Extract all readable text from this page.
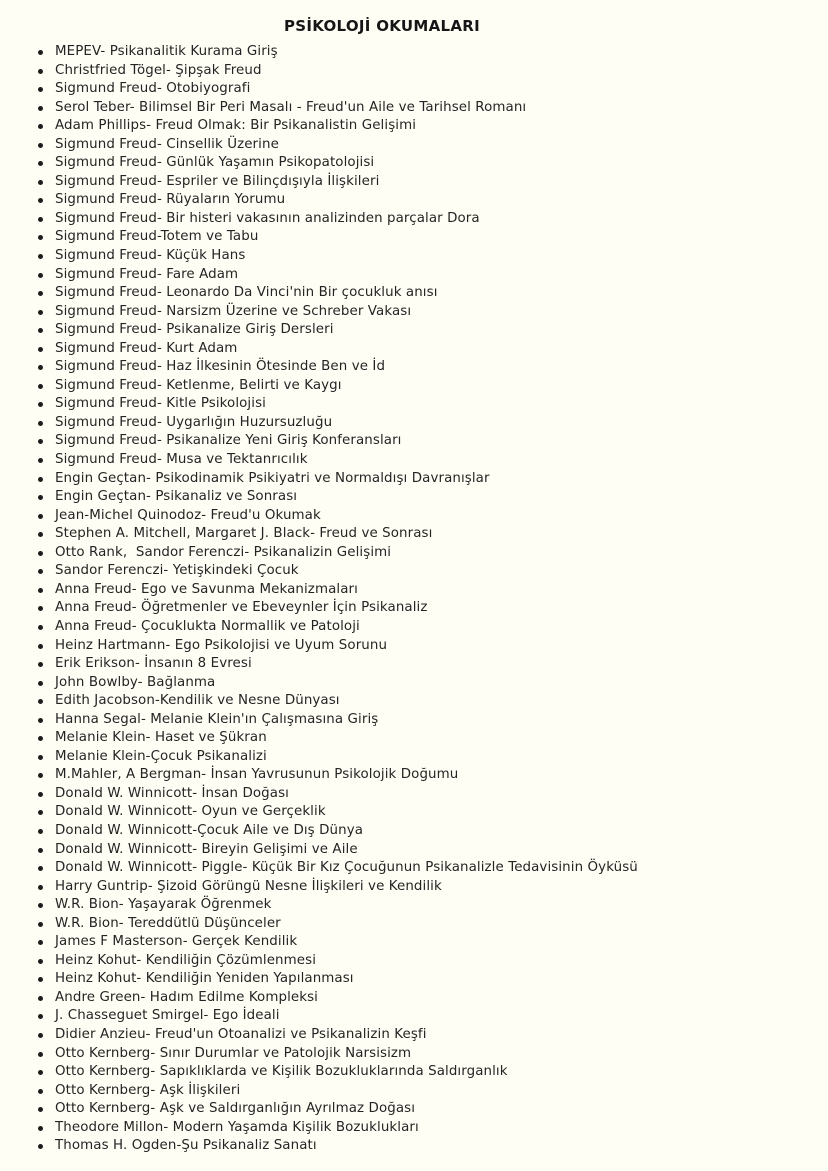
PSİKOLOJİ OKUMALARI
MEPEV- Psikanalitik Kurama Giriş
Christfried Tögel- Şipşak Freud
Sigmund Freud- Otobiyografi
Serol Teber- Bilimsel Bir Peri Masalı - Freud'un Aile ve Tarihsel Romanı
Adam Phillips- Freud Olmak: Bir Psikanalistin Gelişimi
Sigmund Freud- Cinsellik Üzerine
Sigmund Freud- Günlük Yaşamın Psikopatolojisi
Sigmund Freud- Espriler ve Bilinçdışıyla İlişkileri
Sigmund Freud- Rüyaların Yorumu
Sigmund Freud- Bir histeri vakasının analizinden parçalar Dora
Sigmund Freud-Totem ve Tabu
Sigmund Freud- Küçük Hans
Sigmund Freud- Fare Adam
Sigmund Freud- Leonardo Da Vinci'nin Bir çocukluk anısı
Sigmund Freud- Narsizm Üzerine ve Schreber Vakası
Sigmund Freud- Psikanalize Giriş Dersleri
Sigmund Freud- Kurt Adam
Sigmund Freud- Haz İlkesinin Ötesinde Ben ve İd
Sigmund Freud- Ketlenme, Belirti ve Kaygı
Sigmund Freud- Kitle Psikolojisi
Sigmund Freud- Uygarlığın Huzursuzluğu
Sigmund Freud- Psikanalize Yeni Giriş Konferansları
Sigmund Freud- Musa ve Tektanrıcılık
Engin Geçtan- Psikodinamik Psikiyatri ve Normaldışı Davranışlar
Engin Geçtan- Psikanaliz ve Sonrası
Jean-Michel Quinodoz- Freud'u Okumak
Stephen A. Mitchell, Margaret J. Black- Freud ve Sonrası
Otto Rank,  Sandor Ferenczi- Psikanalizin Gelişimi
Sandor Ferenczi- Yetişkindeki Çocuk
Anna Freud- Ego ve Savunma Mekanizmaları
Anna Freud- Öğretmenler ve Ebeveynler İçin Psikanaliz
Anna Freud- Çocuklukta Normallik ve Patoloji
Heinz Hartmann- Ego Psikolojisi ve Uyum Sorunu
Erik Erikson- İnsanın 8 Evresi
John Bowlby- Bağlanma
Edith Jacobson-Kendilik ve Nesne Dünyası
Hanna Segal- Melanie Klein'ın Çalışmasına Giriş
Melanie Klein- Haset ve Şükran
Melanie Klein-Çocuk Psikanalizi
M.Mahler, A Bergman- İnsan Yavrusunun Psikolojik Doğumu
Donald W. Winnicott- İnsan Doğası
Donald W. Winnicott- Oyun ve Gerçeklik
Donald W. Winnicott-Çocuk Aile ve Dış Dünya
Donald W. Winnicott- Bireyin Gelişimi ve Aile
Donald W. Winnicott- Piggle- Küçük Bir Kız Çocuğunun Psikanalizle Tedavisinin Öyküsü
Harry Guntrip- Şizoid Görüngü Nesne İlişkileri ve Kendilik
W.R. Bion- Yaşayarak Öğrenmek
W.R. Bion- Tereddütlü Düşünceler
James F Masterson- Gerçek Kendilik
Heinz Kohut- Kendiliğin Çözümlenmesi
Heinz Kohut- Kendiliğin Yeniden Yapılanması
Andre Green- Hadım Edilme Kompleksi
J. Chasseguet Smirgel- Ego İdeali
Didier Anzieu- Freud'un Otoanalizi ve Psikanalizin Keşfi
Otto Kernberg- Sınır Durumlar ve Patolojik Narsisizm
Otto Kernberg- Sapıklıklarda ve Kişilik Bozukluklarında Saldırganlık
Otto Kernberg- Aşk İlişkileri
Otto Kernberg- Aşk ve Saldırganlığın Ayrılmaz Doğası
Theodore Millon- Modern Yaşamda Kişilik Bozuklukları
Thomas H. Ogden-Şu Psikanaliz Sanatı
